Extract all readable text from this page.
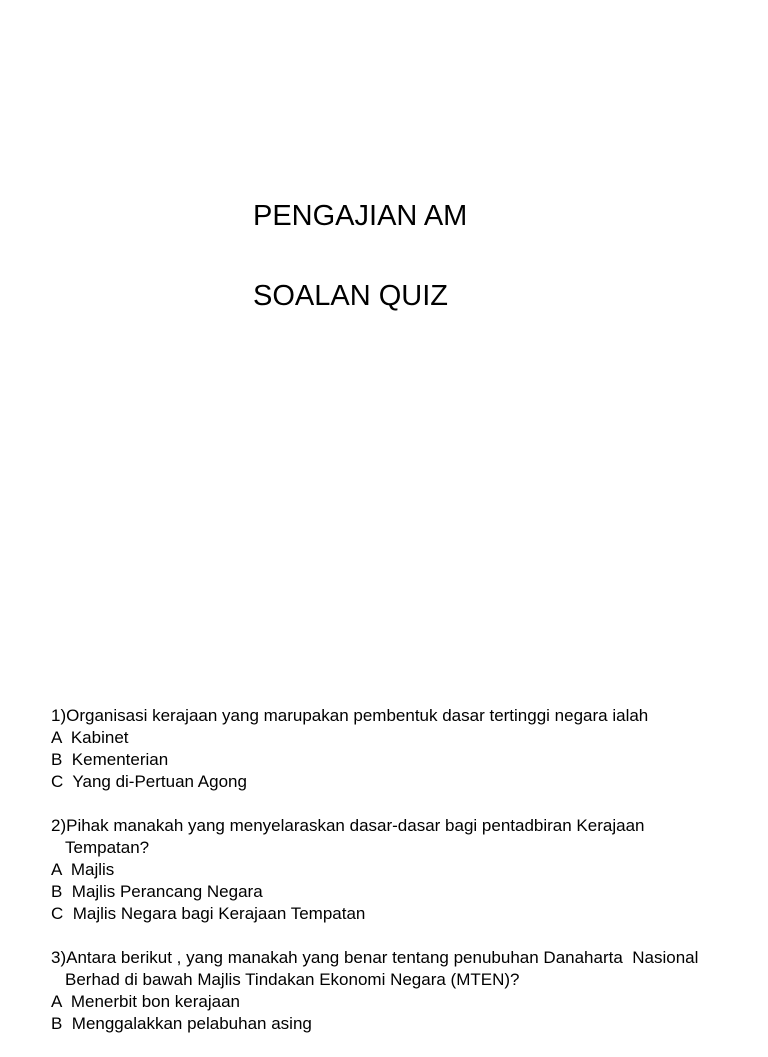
PENGAJIAN AM
SOALAN QUIZ
1)Organisasi kerajaan yang marupakan pembentuk dasar tertinggi negara ialah
A  Kabinet
B  Kementerian
C  Yang di-Pertuan Agong
2)Pihak manakah yang menyelaraskan dasar-dasar bagi pentadbiran Kerajaan
Tempatan?
A  Majlis
B  Majlis Perancang Negara
C  Majlis Negara bagi Kerajaan Tempatan
3)Antara berikut , yang manakah yang benar tentang penubuhan Danaharta  Nasional
Berhad di bawah Majlis Tindakan Ekonomi Negara (MTEN)?
A  Menerbit bon kerajaan
B  Menggalakkan pelabuhan asing
